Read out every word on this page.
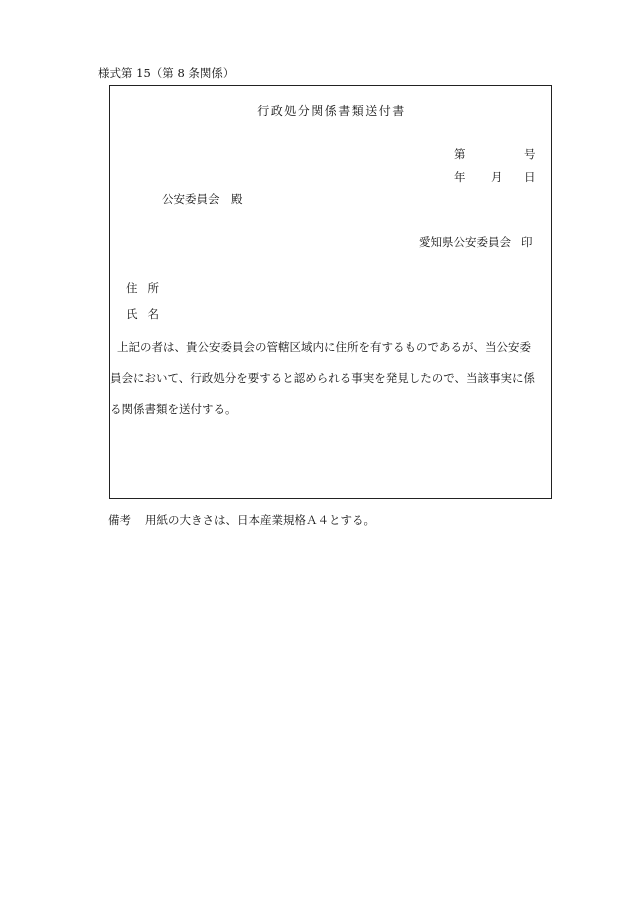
様式第 15（第 8 条関係）
行政処分関係書類送付書
第	号
年 月 日
公安委員会 殿
愛知県公安委員会 印
住所
氏名
上記の者は、貴公安委員会の管轄区域内に住所を有するものであるが、当公安委
員会において、行政処分を要すると認められる事実を発見したので、当該事実に係
る関係書類を送付する。
備考 用紙の大きさは、日本産業規格Ａ４とする。
